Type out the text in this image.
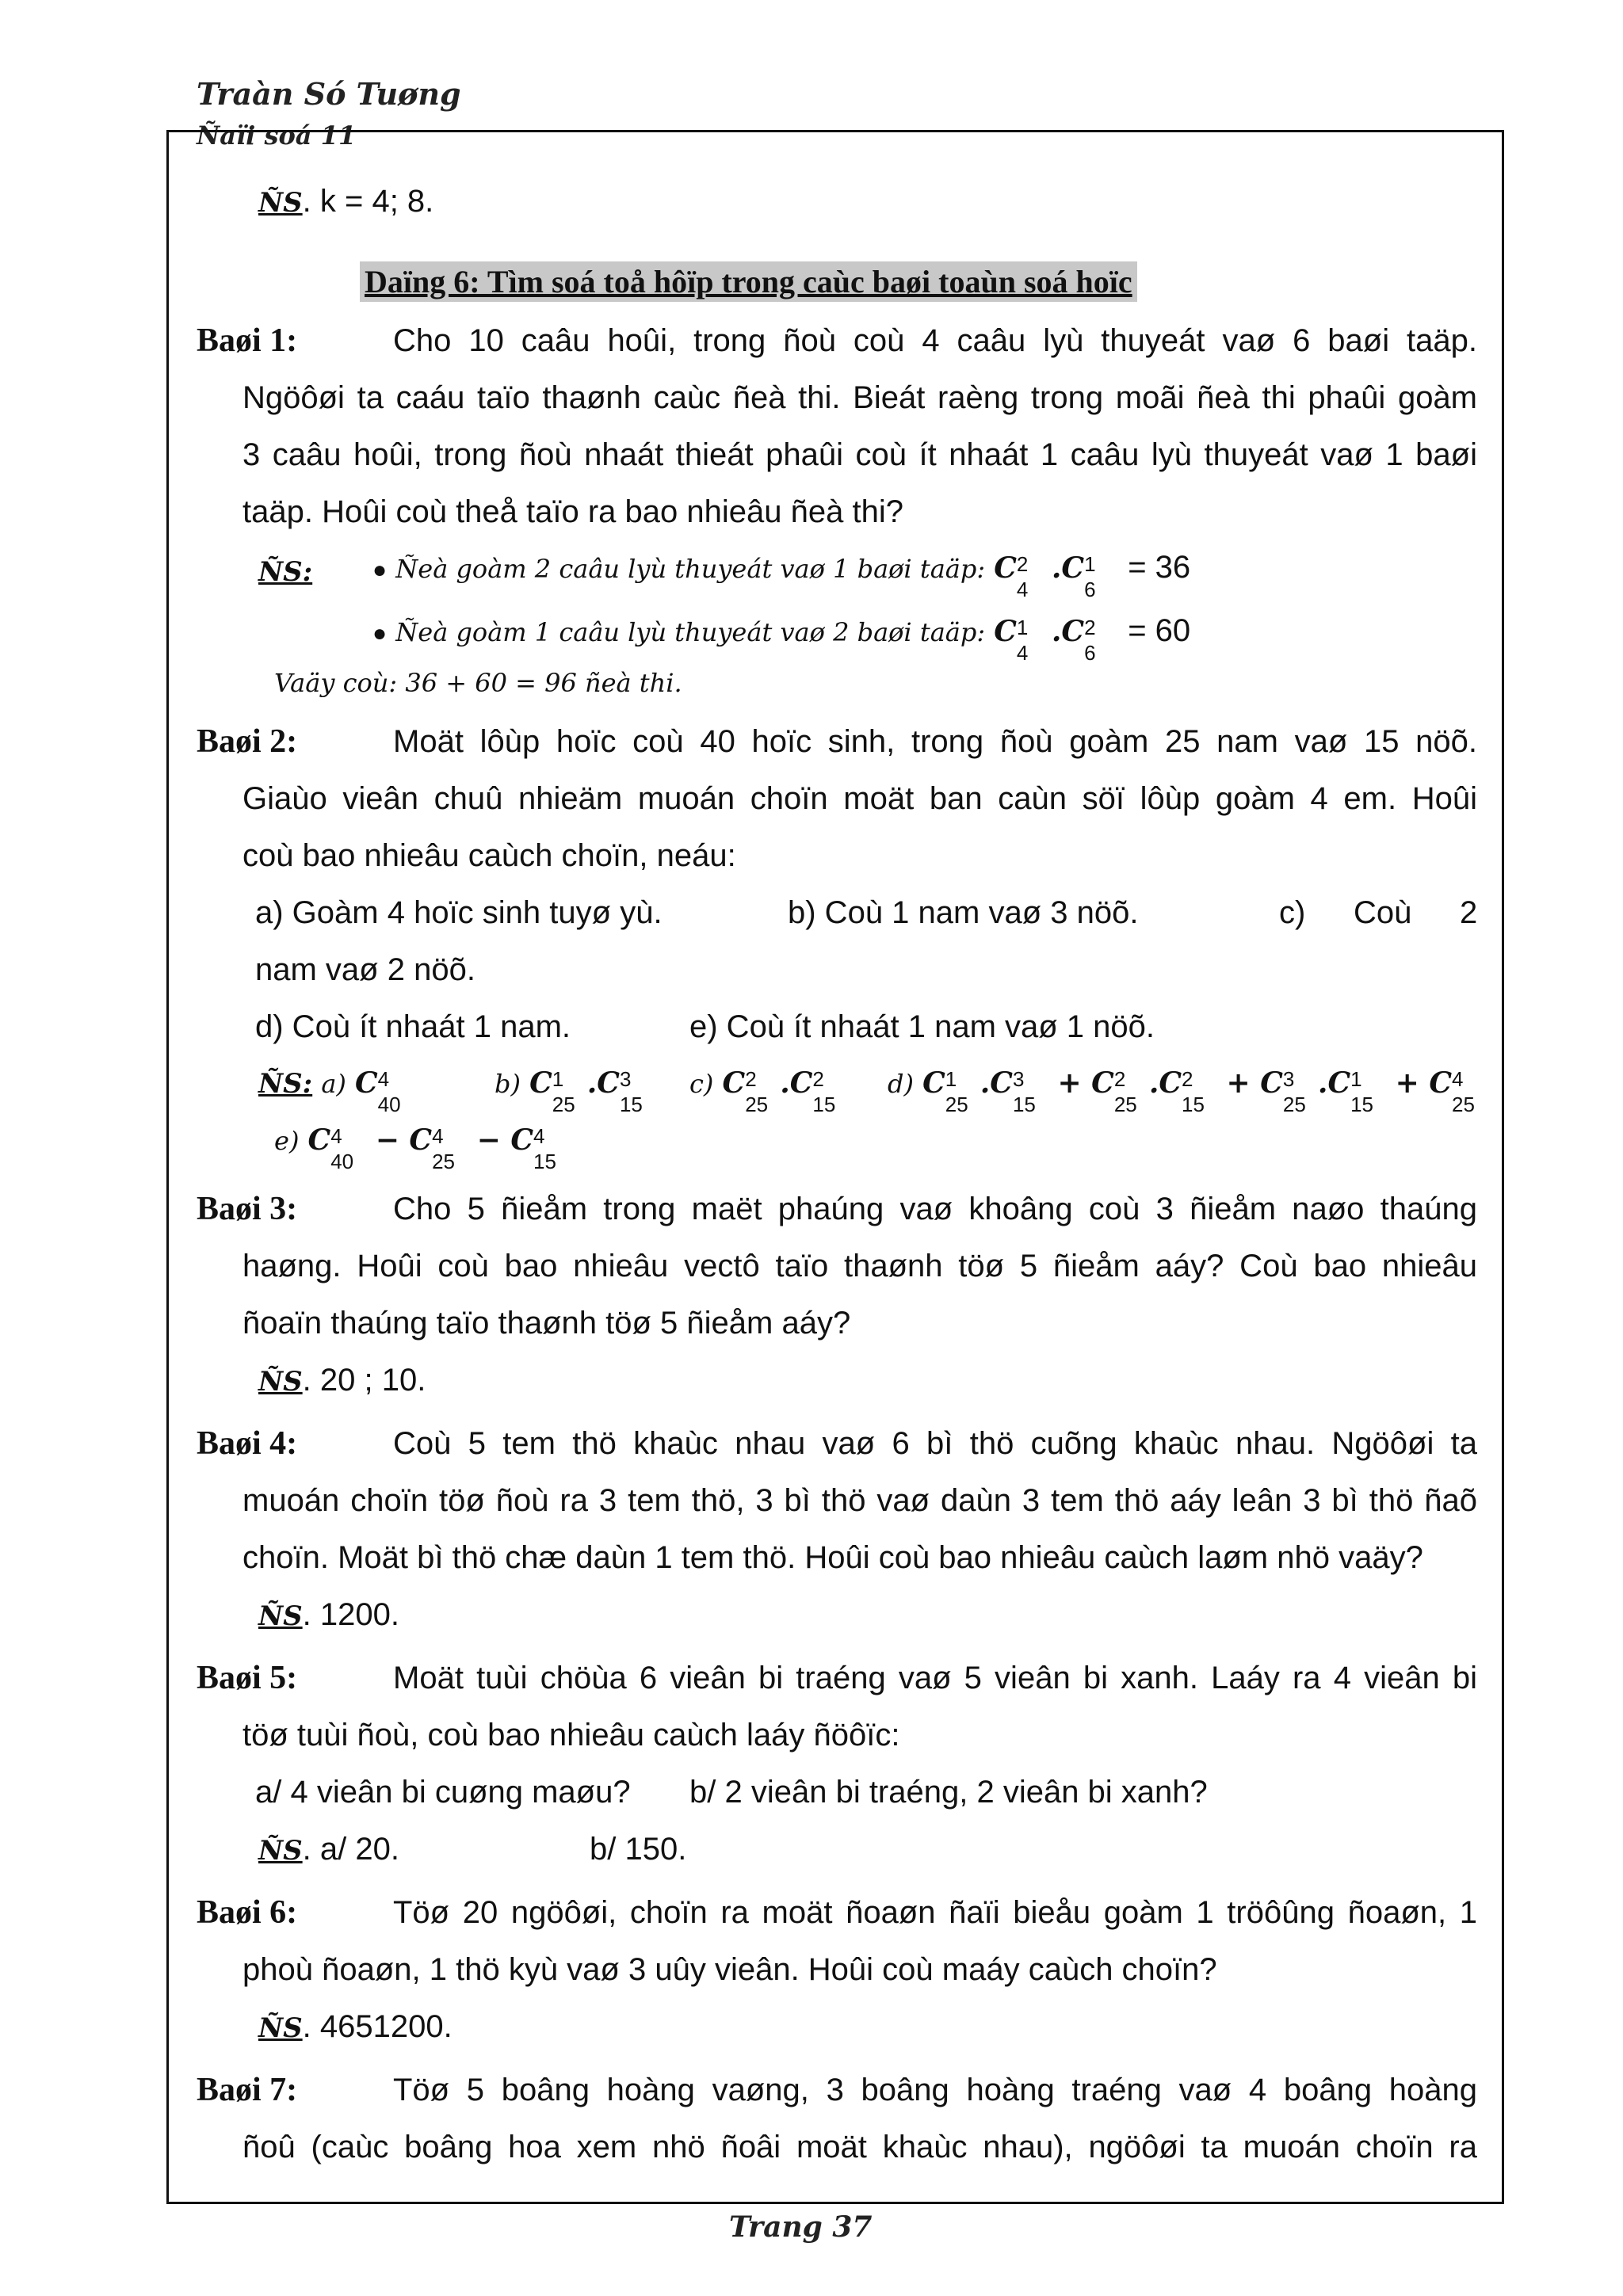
Traàn Só Tuøng
Ñaïi soá 11
ÑS. k = 4; 8.
Daïng 6: Tìm soá toå hôïp trong caùc baøi toaùn soá hoïc
Baøi 1:	Cho 10 caâu hoûi, trong ñoù coù 4 caâu lyù thuyeát vaø 6 baøi taäp.
Ngöôøi ta caáu taïo thaønh caùc ñeà thi. Bieát raèng trong moãi ñeà thi phaûi goàm
3 caâu hoûi, trong ñoù nhaát thieát phaûi coù ít nhaát 1 caâu lyù thuyeát vaø 1 baøi
taäp. Hoûi coù theå taïo ra bao nhieâu ñeà thi?
ÑS:	● Ñeà goàm 2 caâu lyù thuyeát vaø 1 baøi taäp: C 2
4
.C 1
6
= 36
● Ñeà goàm 1 caâu lyù thuyeát vaø 2 baøi taäp: C 1
4
.C 2
6
= 60
Vaäy coù: 36 + 60 = 96 ñeà thi.
Baøi 2:	Moät lôùp hoïc coù 40 hoïc sinh, trong ñoù goàm 25 nam vaø 15 nöõ.
Giaùo vieân chuû nhieäm muoán choïn moät ban caùn söï lôùp goàm 4 em. Hoûi
coù bao nhieâu caùch choïn, neáu:
a) Goàm 4 hoïc sinh tuyø yù.	b) Coù 1 nam vaø 3 nöõ.	c) Coù 2
nam vaø 2 nöõ.
d) Coù ít nhaát 1 nam.	e) Coù ít nhaát 1 nam vaø 1 nöõ.
ÑS: a) C 4
40
b) C 1
25
.C 3
15
c) C 2
25
.C 2
15
d) C 1
25
.C 3
15
+ C 2
25
.C 2
15
+ C 3
25
.C 1
15
+ C 4
25
e) C 4
40
− C 4
25
− C 4
15
Baøi 3:	Cho 5 ñieåm trong maët phaúng vaø khoâng coù 3 ñieåm naøo thaúng
haøng. Hoûi coù bao nhieâu vectô taïo thaønh töø 5 ñieåm aáy? Coù bao nhieâu
ñoaïn thaúng taïo thaønh töø 5 ñieåm aáy?
ÑS. 20 ; 10.
Baøi 4:	Coù 5 tem thö khaùc nhau vaø 6 bì thö cuõng khaùc nhau. Ngöôøi ta
muoán choïn töø ñoù ra 3 tem thö, 3 bì thö vaø daùn 3 tem thö aáy leân 3 bì thö ñaõ
choïn. Moät bì thö chæ daùn 1 tem thö. Hoûi coù bao nhieâu caùch laøm nhö vaäy?
ÑS. 1200.
Baøi 5:	Moät tuùi chöùa 6 vieân bi traéng vaø 5 vieân bi xanh. Laáy ra 4 vieân bi
töø tuùi ñoù, coù bao nhieâu caùch laáy ñöôïc:
a/ 4 vieân bi cuøng maøu? b/ 2 vieân bi traéng, 2 vieân bi xanh?
ÑS. a/ 20.	b/ 150.
Baøi 6:	Töø 20 ngöôøi, choïn ra moät ñoaøn ñaïi bieåu goàm 1 tröôûng ñoaøn, 1
phoù ñoaøn, 1 thö kyù vaø 3 uûy vieân. Hoûi coù maáy caùch choïn?
ÑS. 4651200.
Baøi 7:	Töø 5 boâng hoàng vaøng, 3 boâng hoàng traéng vaø 4 boâng hoàng
ñoû (caùc boâng hoa xem nhö ñoâi moät khaùc nhau), ngöôøi ta muoán choïn ra
Trang 37
